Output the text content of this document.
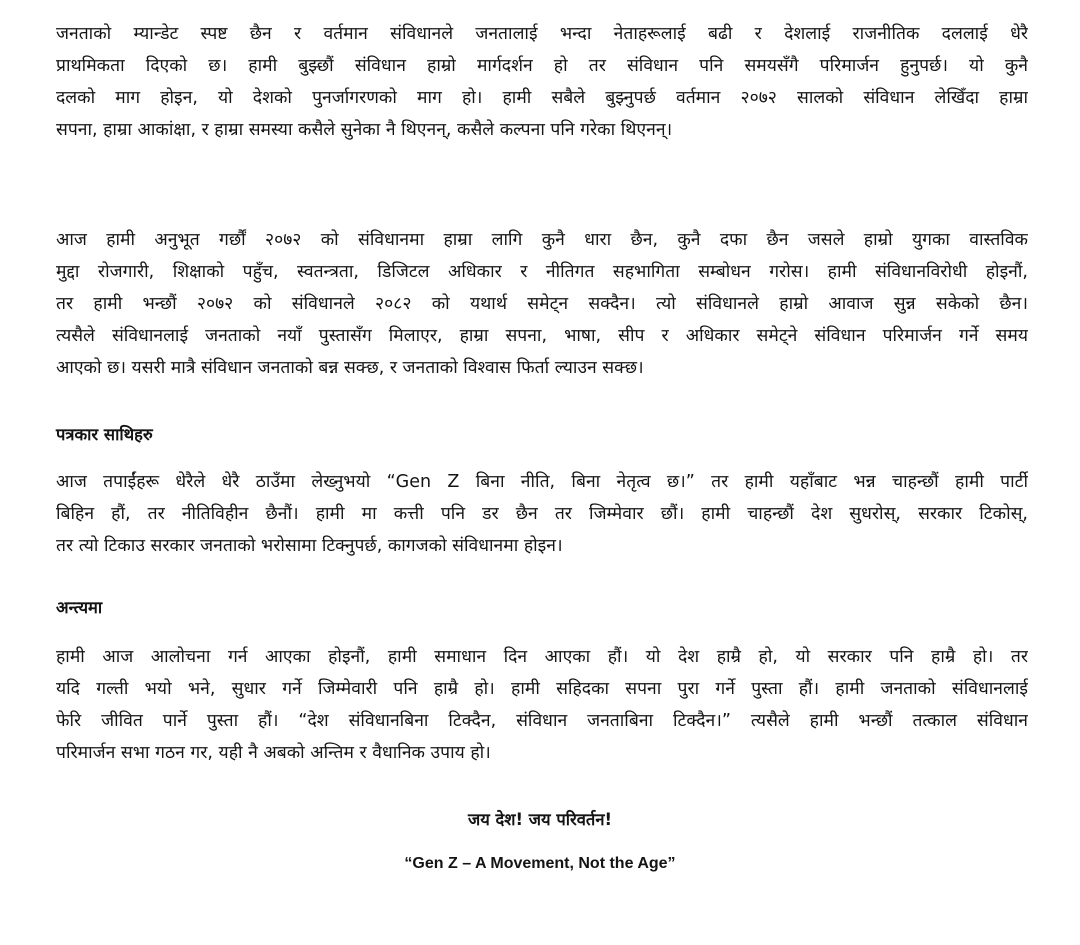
जनताको म्यान्डेट स्पष्ट छैन र वर्तमान संविधानले जनतालाई भन्दा नेताहरूलाई बढी र देशलाई राजनीतिक दललाई धेरै
प्राथमिकता दिएको छ। हामी बुझ्छौं संविधान हाम्रो मार्गदर्शन हो तर संविधान पनि समयसँगै परिमार्जन हुनुपर्छ। यो कुनै
दलको माग होइन, यो देशको पुनर्जागरणको माग हो। हामी सबैले बुझ्नुपर्छ वर्तमान २०७२ सालको संविधान लेखिँदा हाम्रा
सपना, हाम्रा आकांक्षा, र हाम्रा समस्या कसैले सुनेका नै थिएनन्, कसैले कल्पना पनि गरेका थिएनन्।
आज हामी अनुभूत गर्छौं २०७२ को संविधानमा हाम्रा लागि कुनै धारा छैन, कुनै दफा छैन जसले हाम्रो युगका वास्तविक
मुद्दा रोजगारी, शिक्षाको पहुँच, स्वतन्त्रता, डिजिटल अधिकार र नीतिगत सहभागिता सम्बोधन गरोस। हामी संविधानविरोधी होइनौं,
तर हामी भन्छौं २०७२ को संविधानले २०८२ को यथार्थ समेट्न सक्दैन। त्यो संविधानले हाम्रो आवाज सुन्न सकेको छैन।
त्यसैले संविधानलाई जनताको नयाँ पुस्तासँग मिलाएर, हाम्रा सपना, भाषा, सीप र अधिकार समेट्ने संविधान परिमार्जन गर्ने समय
आएको छ। यसरी मात्रै संविधान जनताको बन्न सक्छ, र जनताको विश्वास फिर्ता ल्याउन सक्छ।
पत्रकार साथिहरु
आज तपाईंहरू धेरैले धेरै ठाउँमा लेख्नुभयो “Gen Z बिना नीति, बिना नेतृत्व छ।” तर हामी यहाँबाट भन्न चाहन्छौं हामी पार्टी
बिहिन हौं, तर नीतिविहीन छैनौं। हामी मा कत्ती पनि डर छैन तर जिम्मेवार छौं। हामी चाहन्छौं देश सुधरोस्, सरकार टिकोस्,
तर त्यो टिकाउ सरकार जनताको भरोसामा टिक्नुपर्छ, कागजको संविधानमा होइन।
अन्त्यमा
हामी आज आलोचना गर्न आएका होइनौं, हामी समाधान दिन आएका हौं। यो देश हाम्रै हो, यो सरकार पनि हाम्रै हो। तर
यदि गल्ती भयो भने, सुधार गर्ने जिम्मेवारी पनि हाम्रै हो। हामी सहिदका सपना पुरा गर्ने पुस्ता हौं। हामी जनताको संविधानलाई
फेरि जीवित पार्ने पुस्ता हौं। “देश संविधानबिना टिक्दैन, संविधान जनताबिना टिक्दैन।” त्यसैले हामी भन्छौं तत्काल संविधान
परिमार्जन सभा गठन गर, यही नै अबको अन्तिम र वैधानिक उपाय हो।

जय देश! जय परिवर्तन!

“Gen Z – A Movement, Not the Age”
